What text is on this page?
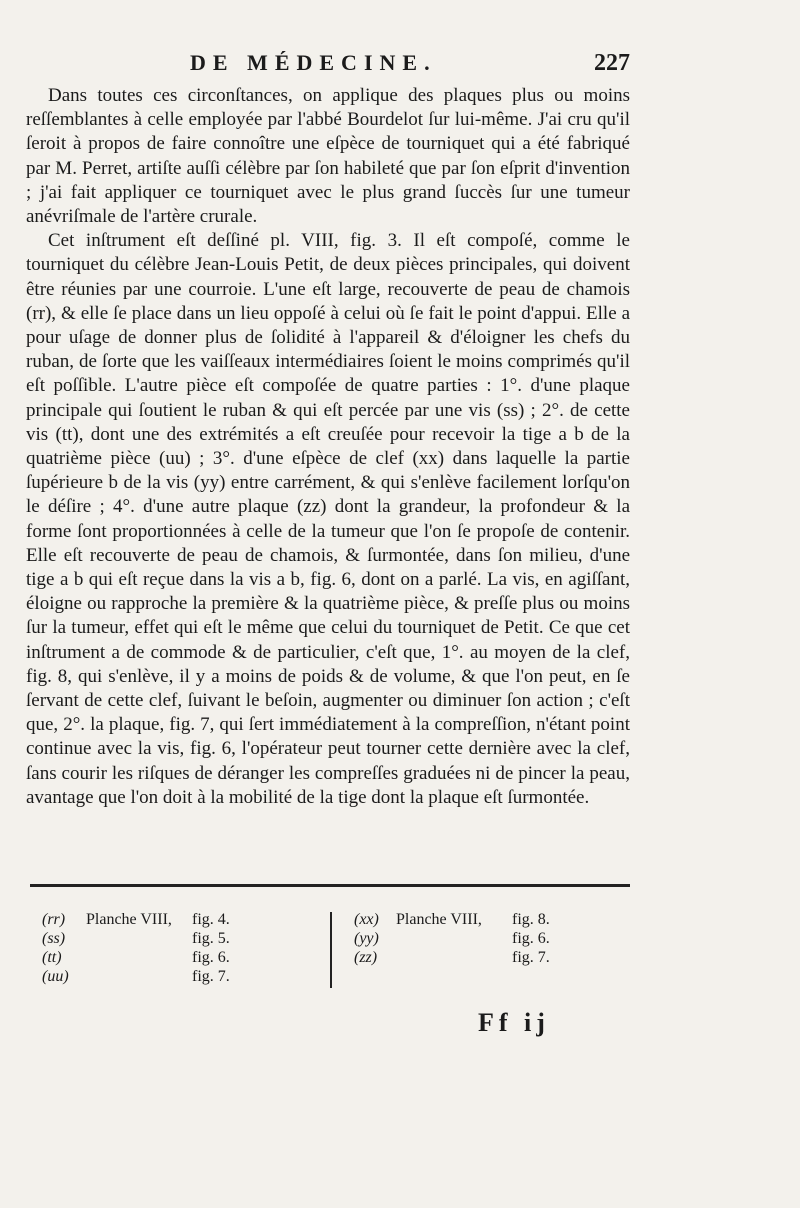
DE MÉDECINE.	227

Dans toutes ces circonſtances, on applique des plaques plus ou moins reſſemblantes à celle employée par l'abbé Bourdelot ſur lui-même. J'ai cru qu'il ſeroit à propos de faire connoître une eſpèce de tourniquet qui a été fabriqué par M. Perret, artiſte auſſi célèbre par ſon habileté que par ſon eſprit d'invention ; j'ai fait appliquer ce tourniquet avec le plus grand ſuccès ſur une tumeur anévriſmale de l'artère crurale.

Cet inſtrument eſt deſſiné pl. VIII, fig. 3. Il eſt compoſé, comme le tourniquet du célèbre Jean-Louis Petit, de deux pièces principales, qui doivent être réunies par une courroie. L'une eſt large, recouverte de peau de chamois (rr), & elle ſe place dans un lieu oppoſé à celui où ſe fait le point d'appui. Elle a pour uſage de donner plus de ſolidité à l'appareil & d'éloigner les chefs du ruban, de ſorte que les vaiſſeaux intermédiaires ſoient le moins comprimés qu'il eſt poſſible. L'autre pièce eſt compoſée de quatre parties : 1°. d'une plaque principale qui ſoutient le ruban & qui eſt percée par une vis (ss) ; 2°. de cette vis (tt), dont une des extrémités a eſt creuſée pour recevoir la tige a b de la quatrième pièce (uu) ; 3°. d'une eſpèce de clef (xx) dans laquelle la partie ſupérieure b de la vis (yy) entre carrément, & qui s'enlève facilement lorſqu'on le déſire ; 4°. d'une autre plaque (zz) dont la grandeur, la profondeur & la forme ſont proportionnées à celle de la tumeur que l'on ſe propoſe de contenir. Elle eſt recouverte de peau de chamois, & ſurmontée, dans ſon milieu, d'une tige a b qui eſt reçue dans la vis a b, fig. 6, dont on a parlé. La vis, en agiſſant, éloigne ou rapproche la première & la quatrième pièce, & preſſe plus ou moins ſur la tumeur, effet qui eſt le même que celui du tourniquet de Petit. Ce que cet inſtrument a de commode & de particulier, c'eſt que, 1°. au moyen de la clef, fig. 8, qui s'enlève, il y a moins de poids & de volume, & que l'on peut, en ſe ſervant de cette clef, ſuivant le beſoin, augmenter ou diminuer ſon action ; c'eſt que, 2°. la plaque, fig. 7, qui ſert immédiatement à la compreſſion, n'étant point continue avec la vis, fig. 6, l'opérateur peut tourner cette dernière avec la clef, ſans courir les riſques de déranger les compreſſes graduées ni de pincer la peau, avantage que l'on doit à la mobilité de la tige dont la plaque eſt ſurmontée.

(rr) Planche VIII, fig. 4.
(ss)	fig. 5.
(tt)	fig. 6.
(uu)	fig. 7.
(xx) Planche VIII, fig. 8.
(yy)	fig. 6.
(zz)	fig. 7.
Ff ij
